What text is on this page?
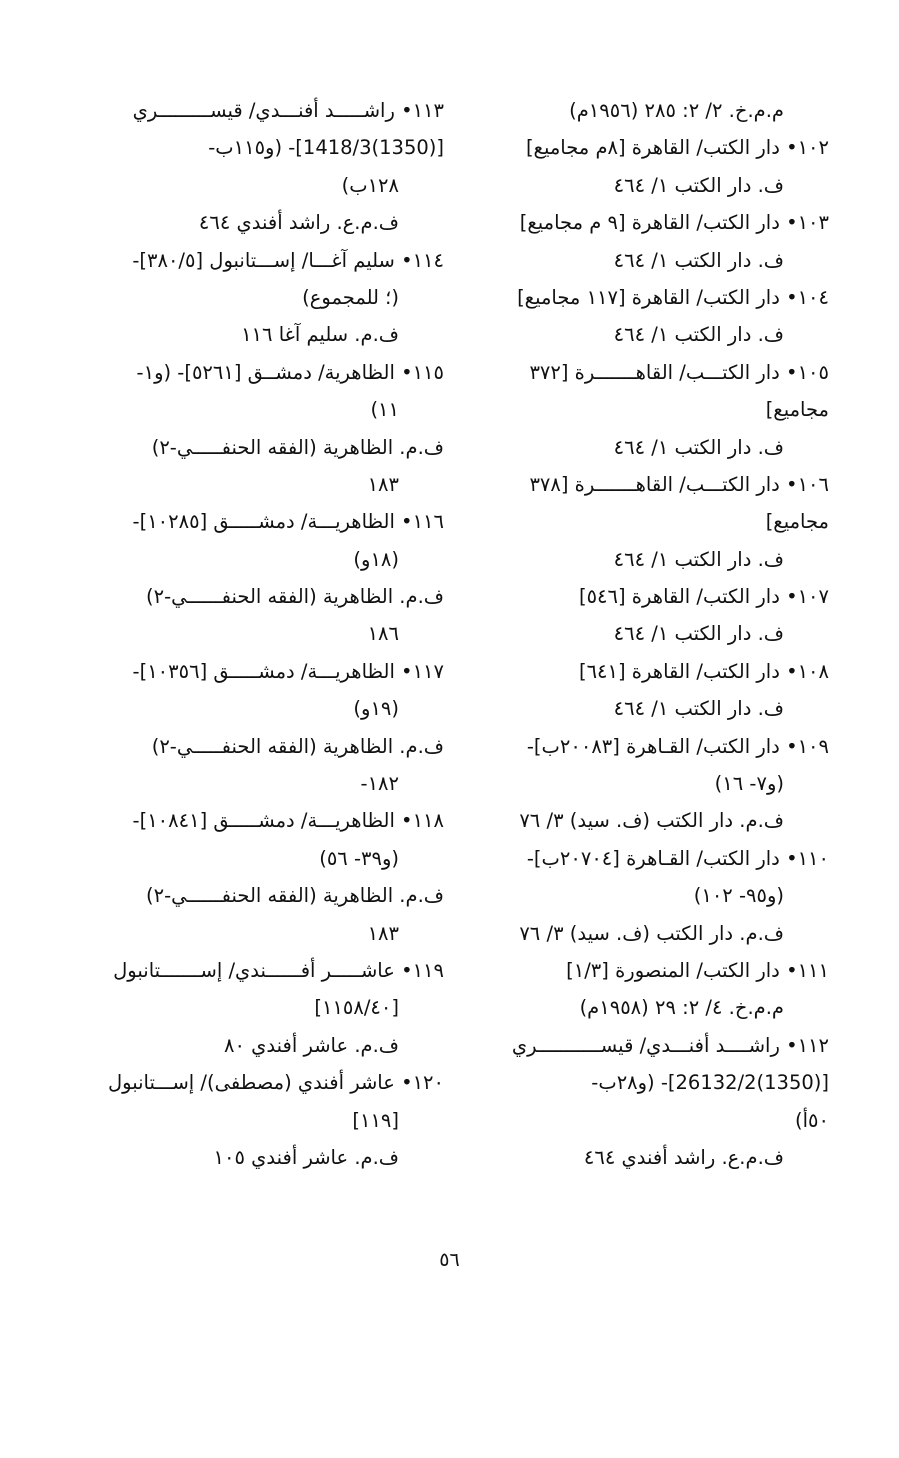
م.م.خ. ٢/ ٢: ٢٨٥ (١٩٥٦م)
١٠٢• دار الكتب/ القاهرة [٨م مجاميع]
ف. دار الكتب ١/ ٤٦٤
١٠٣• دار الكتب/ القاهرة [٩ م مجاميع]
ف. دار الكتب ١/ ٤٦٤
١٠٤• دار الكتب/ القاهرة [١١٧ مجاميع]
ف. دار الكتب ١/ ٤٦٤
١٠٥• دار الكتـــب/ القاهـــــــرة [٣٧٢
مجاميع]
ف. دار الكتب ١/ ٤٦٤
١٠٦• دار الكتـــب/ القاهـــــــرة [٣٧٨
مجاميع]
ف. دار الكتب ١/ ٤٦٤
١٠٧• دار الكتب/ القاهرة [٥٤٦]
ف. دار الكتب ١/ ٤٦٤
١٠٨• دار الكتب/ القاهرة [٦٤١]
ف. دار الكتب ١/ ٤٦٤
١٠٩• دار الكتب/ القـاهرة [٢٠٠٨٣ب]-
(و٧- ١٦)
ف.م. دار الكتب (ف. سيد) ٣/ ٧٦
١١٠• دار الكتب/ القـاهرة [٢٠٧٠٤ب]-
(و٩٥- ١٠٢)
ف.م. دار الكتب (ف. سيد) ٣/ ٧٦
١١١• دار الكتب/ المنصورة [١/٣]
م.م.خ. ٤/ ٢: ٢٩ (١٩٥٨م)
١١٢• راشــــد أفنـــدي/ قيســـــــــــري
[(1350)26132/2]- (و٢٨ب-
٥٠أ)
ف.م.ع. راشد أفندي ٤٦٤
١١٣• راشـــــد أفنـــدي/ قيســـــــــري
[(1350)1418/3]- (و١١٥ب-
١٢٨ب)
ف.م.ع. راشد أفندي ٤٦٤
١١٤• سليم آغـــا/ إســـتانبول [٣٨٠/٥]-
(؛ للمجموع)
ف.م. سليم آغا ١١٦
١١٥• الظاهرية/ دمشــق [٥٢٦١]- (و١-
١١)
ف.م. الظاهرية (الفقه الحنفـــــي-٢)
١٨٣
١١٦• الظاهريـــة/ دمشـــــق [١٠٢٨٥]-
(١٨و)
ف.م. الظاهرية (الفقه الحنفــــــي-٢)
١٨٦
١١٧• الظاهريـــة/ دمشـــــق [١٠٣٥٦]-
(١٩و)
ف.م. الظاهرية (الفقه الحنفـــــي-٢)
١٨٢-
١١٨• الظاهريـــة/ دمشـــــق [١٠٨٤١]-
(و٣٩- ٥٦)
ف.م. الظاهرية (الفقه الحنفــــــي-٢)
١٨٣
١١٩• عاشـــــر أفــــــندي/ إســـــــتانبول
[١١٥٨/٤٠]
ف.م. عاشر أفندي ٨٠
١٢٠• عاشر أفندي (مصطفى)/ إســـتانبول
[١١٩]
ف.م. عاشر أفندي ١٠٥
٥٦
